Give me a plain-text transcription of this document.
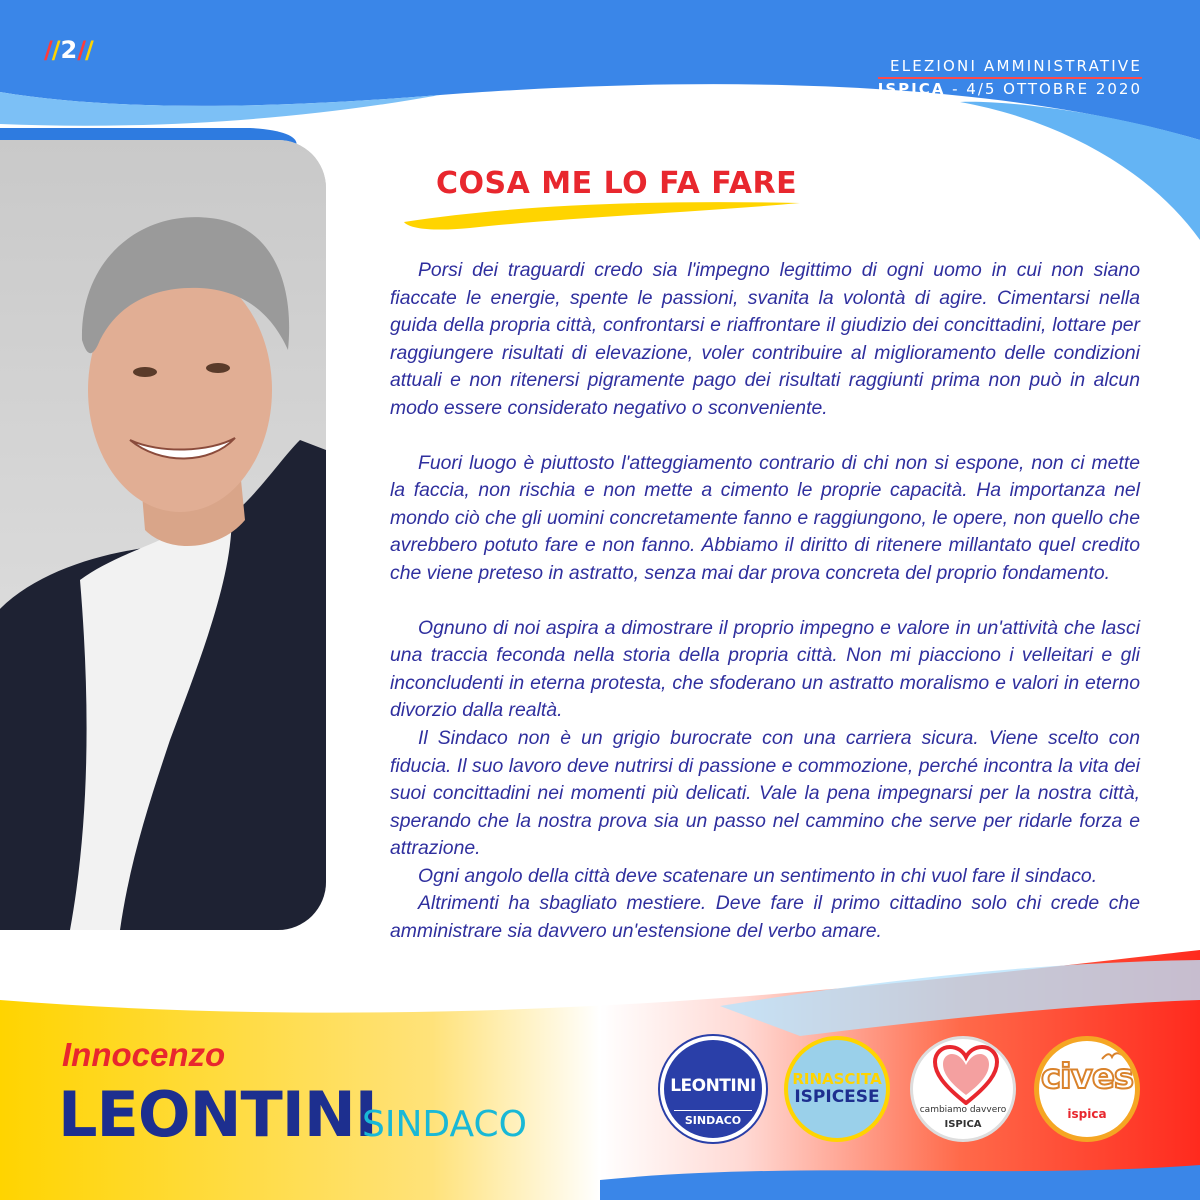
//2//
ELEZIONI AMMINISTRATIVE
ISPICA - 4/5 OTTOBRE 2020
COSA ME LO FA FARE

Porsi dei traguardi credo sia l'impegno legittimo di ogni uomo in cui non siano fiaccate le energie, spente le passioni, svanita la volontà di agire. Cimentarsi nella guida della propria città, confrontarsi e riaffrontare il giudizio dei concittadini, lottare per raggiungere risultati di elevazione, voler contribuire al miglioramento delle condizioni attuali e non ritenersi pigramente pago dei risultati raggiunti prima non può in alcun modo essere considerato negativo o sconveniente.

Fuori luogo è piuttosto l'atteggiamento contrario di chi non si espone, non ci mette la faccia, non rischia e non mette a cimento le proprie capacità. Ha importanza nel mondo ciò che gli uomini concretamente fanno e raggiungono, le opere, non quello che avrebbero potuto fare e non fanno. Abbiamo il diritto di ritenere millantato quel credito che viene preteso in astratto, senza mai dar prova concreta del proprio fondamento.

Ognuno di noi aspira a dimostrare il proprio impegno e valore in un'attività che lasci una traccia feconda nella storia della propria città. Non mi piacciono i velleitari e gli inconcludenti in eterna protesta, che sfoderano un astratto moralismo e valori in eterno divorzio dalla realtà.

Il Sindaco non è un grigio burocrate con una carriera sicura. Viene scelto con fiducia. Il suo lavoro deve nutrirsi di passione e commozione, perché incontra la vita dei suoi concittadini nei momenti più delicati. Vale la pena impegnarsi per la nostra città, sperando che la nostra prova sia un passo nel cammino che serve per ridarle forza e attrazione.

Ogni angolo della città deve scatenare un sentimento in chi vuol fare il sindaco.

Altrimenti ha sbagliato mestiere. Deve fare il primo cittadino solo chi crede che amministrare sia davvero un'estensione del verbo amare.

Innocenzo
LEONTINI
SINDACO
LEONTINI
SINDACO
RINASCITA
ISPICESE
cambiamo davvero
ISPICA
cives
ispica
